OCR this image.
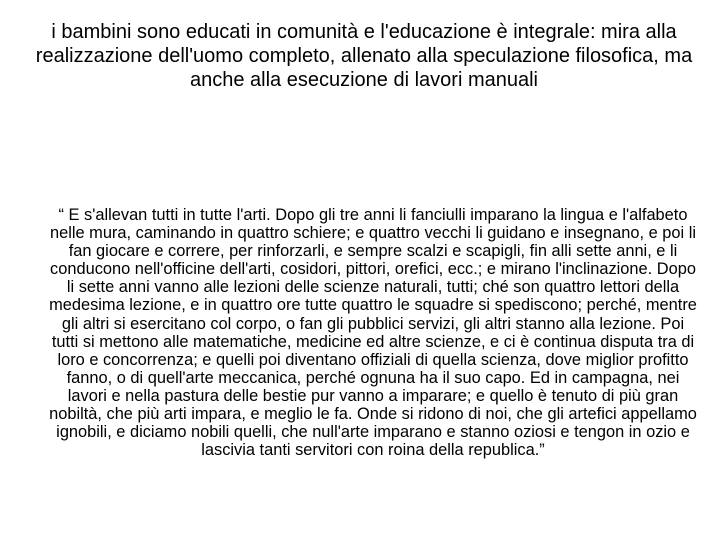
i bambini sono educati in comunità e l'educazione è integrale: mira alla realizzazione dell'uomo completo, allenato alla speculazione filosofica, ma anche alla esecuzione di lavori manuali

“ E s'allevan tutti in tutte l'arti. Dopo gli tre anni li fanciulli imparano la lingua e l'alfabeto nelle mura, caminando in quattro schiere; e quattro vecchi li guidano e insegnano, e poi li fan giocare e correre, per rinforzarli, e sempre scalzi e scapigli, fin alli sette anni, e li conducono nell'officine dell'arti, cosidori, pittori, orefici, ecc.; e mirano l'inclinazione. Dopo li sette anni vanno alle lezioni delle scienze naturali, tutti; ché son quattro lettori della medesima lezione, e in quattro ore tutte quattro le squadre si spediscono; perché, mentre gli altri si esercitano col corpo, o fan gli pubblici servizi, gli altri stanno alla lezione. Poi tutti si mettono alle matematiche, medicine ed altre scienze, e ci è continua disputa tra di loro e concorrenza; e quelli poi diventano offiziali di quella scienza, dove miglior profitto fanno, o di quell'arte meccanica, perché ognuna ha il suo capo. Ed in campagna, nei lavori e nella pastura delle bestie pur vanno a imparare; e quello è tenuto di più gran nobiltà, che più arti impara, e meglio le fa. Onde si ridono di noi, che gli artefici appellamo ignobili, e diciamo nobili quelli, che null'arte imparano e stanno oziosi e tengon in ozio e lascivia tanti servitori con roina della republica.”
